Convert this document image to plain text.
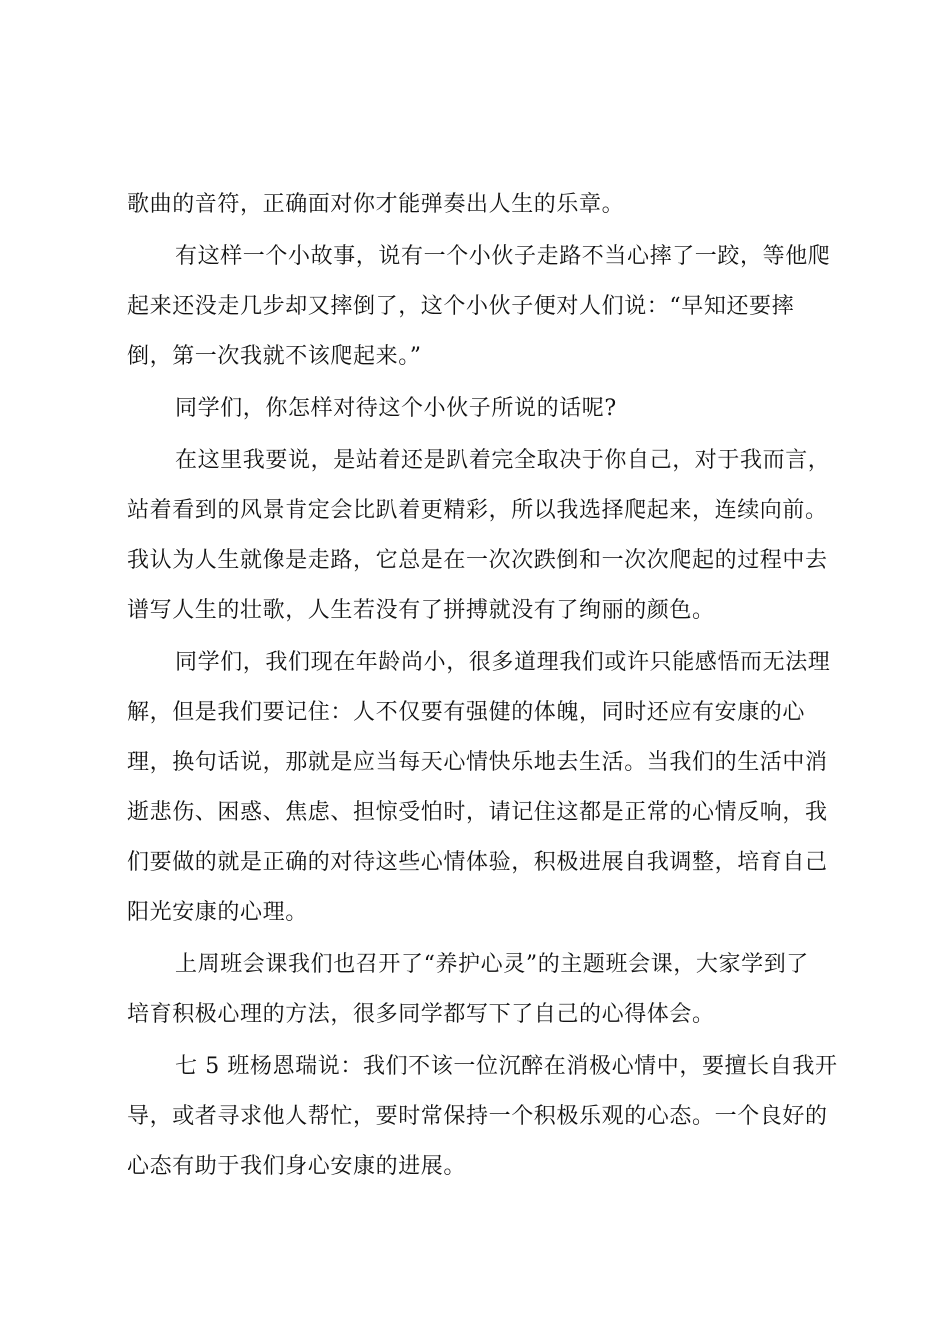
歌曲的音符，正确面对你才能弹奏出人生的乐章。
有这样一个小故事，说有一个小伙子走路不当心摔了一跤，等他爬
起来还没走几步却又摔倒了，这个小伙子便对人们说：“早知还要摔
倒，第一次我就不该爬起来。”
同学们，你怎样对待这个小伙子所说的话呢?
在这里我要说，是站着还是趴着完全取决于你自己，对于我而言，
站着看到的风景肯定会比趴着更精彩，所以我选择爬起来，连续向前。
我认为人生就像是走路，它总是在一次次跌倒和一次次爬起的过程中去
谱写人生的壮歌，人生若没有了拼搏就没有了绚丽的颜色。
同学们，我们现在年龄尚小，很多道理我们或许只能感悟而无法理
解，但是我们要记住：人不仅要有强健的体魄，同时还应有安康的心
理，换句话说，那就是应当每天心情快乐地去生活。当我们的生活中消
逝悲伤、困惑、焦虑、担惊受怕时，请记住这都是正常的心情反响，我
们要做的就是正确的对待这些心情体验，积极进展自我调整，培育自己
阳光安康的心理。
上周班会课我们也召开了“养护心灵”的主题班会课，大家学到了
培育积极心理的方法，很多同学都写下了自己的心得体会。
七 5 班杨恩瑞说：我们不该一位沉醉在消极心情中，要擅长自我开
导，或者寻求他人帮忙，要时常保持一个积极乐观的心态。一个良好的
心态有助于我们身心安康的进展。
